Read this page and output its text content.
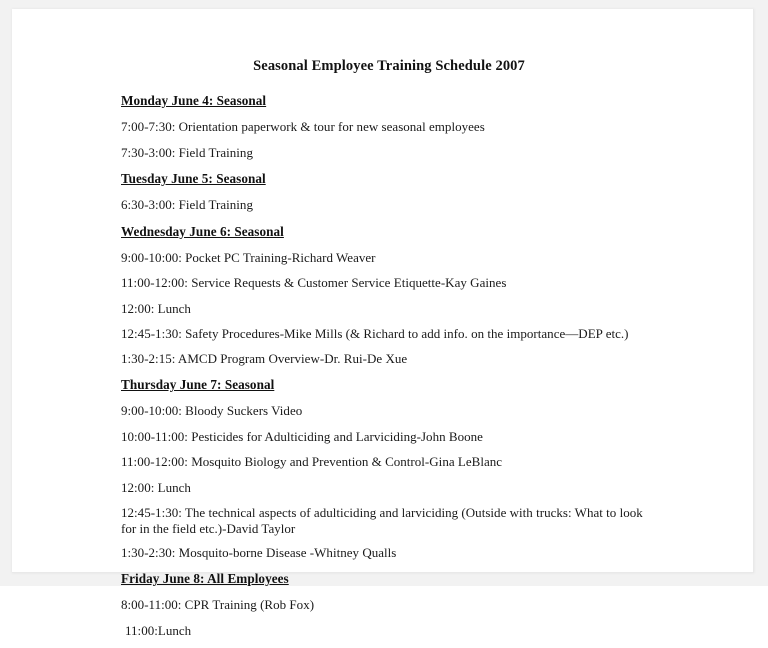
Seasonal Employee Training Schedule 2007
Monday June 4: Seasonal
7:00-7:30: Orientation paperwork & tour for new seasonal employees
7:30-3:00: Field Training
Tuesday June 5: Seasonal
6:30-3:00: Field Training
Wednesday June 6: Seasonal
9:00-10:00: Pocket PC Training-Richard Weaver
11:00-12:00: Service Requests & Customer Service Etiquette-Kay Gaines
12:00: Lunch
12:45-1:30: Safety Procedures-Mike Mills (& Richard to add info. on the importance—DEP etc.)
1:30-2:15: AMCD Program Overview-Dr. Rui-De Xue
Thursday June 7: Seasonal
9:00-10:00: Bloody Suckers Video
10:00-11:00: Pesticides for Adulticiding and Larviciding-John Boone
11:00-12:00: Mosquito Biology and Prevention & Control-Gina LeBlanc
12:00: Lunch
12:45-1:30: The technical aspects of adulticiding and larviciding (Outside with trucks: What to look for in the field etc.)-David Taylor
1:30-2:30: Mosquito-borne Disease -Whitney Qualls
Friday June 8: All Employees
8:00-11:00: CPR Training (Rob Fox)
11:00:Lunch
